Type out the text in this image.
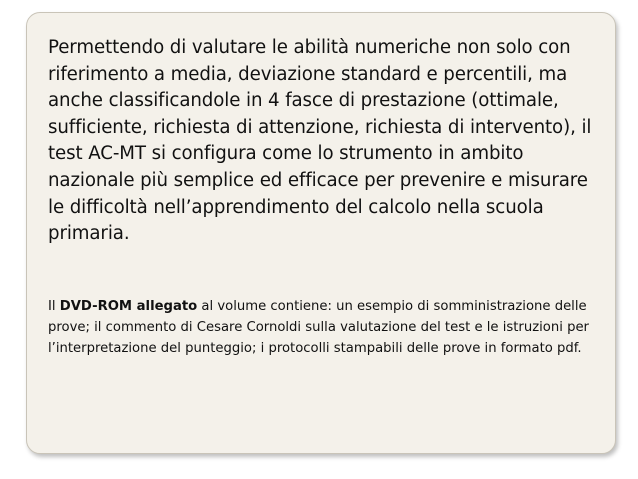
Permettendo di valutare le abilità numeriche non solo con riferimento a media, deviazione standard e percentili, ma anche classificandole in 4 fasce di prestazione (ottimale, sufficiente, richiesta di attenzione, richiesta di intervento), il test AC-MT si configura come lo strumento in ambito nazionale più semplice ed efficace per prevenire e misurare le difficoltà nell’apprendimento del calcolo nella scuola primaria.

Il DVD-ROM allegato al volume contiene: un esempio di somministrazione delle prove; il commento di Cesare Cornoldi sulla valutazione del test e le istruzioni per l’interpretazione del punteggio; i protocolli stampabili delle prove in formato pdf.
